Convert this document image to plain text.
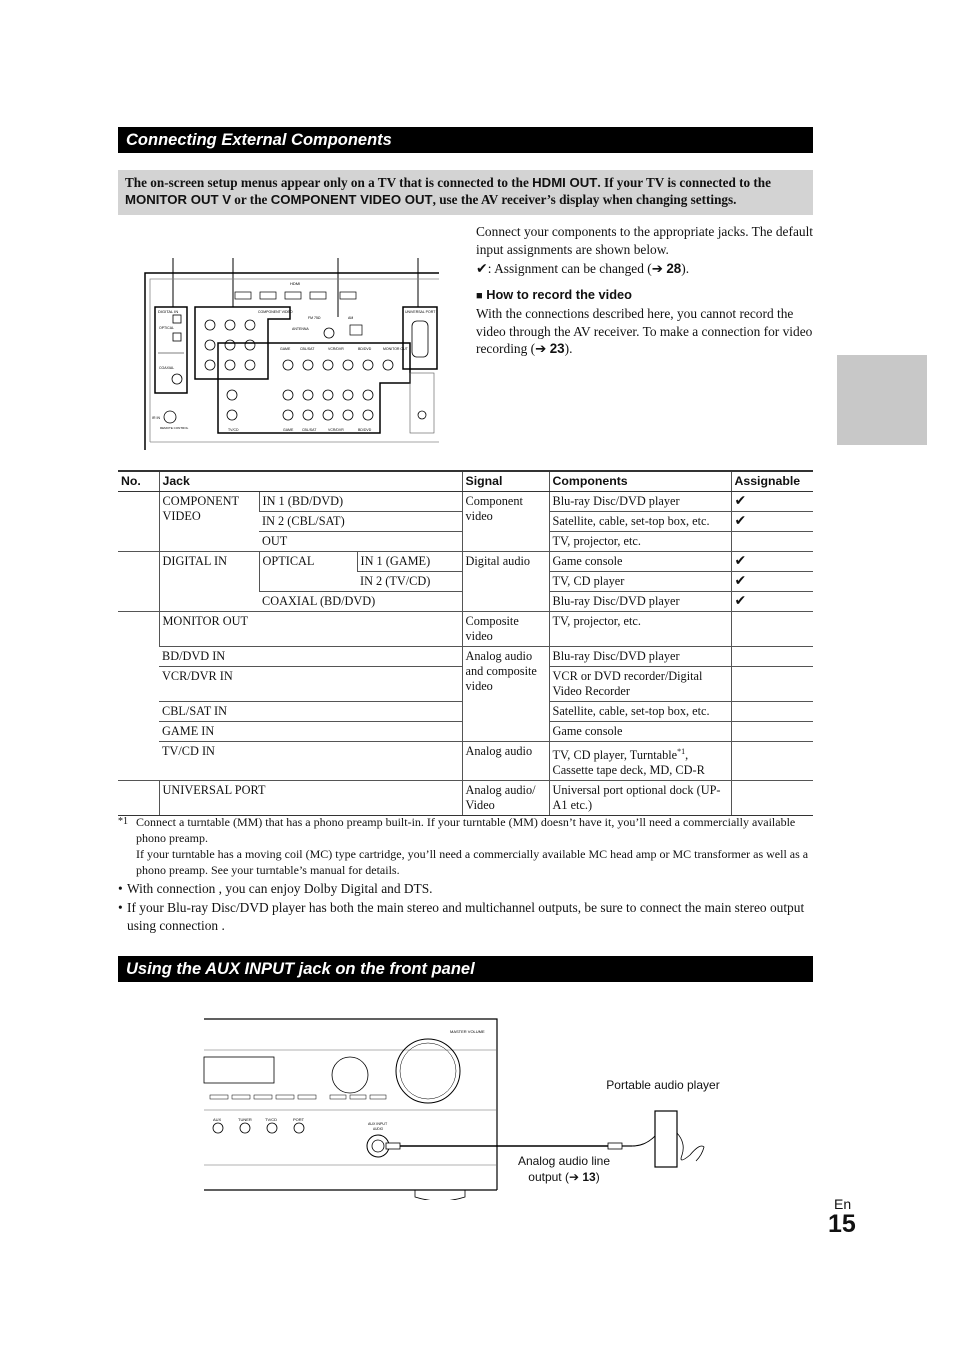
Connecting External Components
The on-screen setup menus appear only on a TV that is connected to the HDMI OUT. If your TV is connected to the MONITOR OUT V or the COMPONENT VIDEO OUT, use the AV receiver’s display when changing settings.
DIGITAL IN
OPTICAL
COAXIAL
COMPONENT VIDEO
HDMI
ANTENNA
FM 75Ω	AM
GAME	CBL/SAT	VCR/DVR	BD/DVD	MONITOR OUT
TV/CD	GAME CBL/SAT	VCR/DVR	BD/DVD
UNIVERSAL PORT
IR IN
REMOTE CONTROL

Connect your components to the appropriate jacks. The default input assignments are shown below.

✔: Assignment can be changed (➔ 28).

■ How to record the video

With the connections described here, you cannot record the video through the AV receiver. To make a connection for video recording (➔ 23).

No.	Jack			Signal	Components	Assignable
	COMPONENT VIDEO	IN 1 (BD/DVD)		Component video	Blu-ray Disc/DVD player	✔
		IN 2 (CBL/SAT)			Satellite, cable, set-top box, etc.	✔
		OUT			TV, projector, etc.	
	DIGITAL IN	OPTICAL	IN 1 (GAME)	Digital audio	Game console	✔
			IN 2 (TV/CD)		TV, CD player	✔
		COAXIAL (BD/DVD)			Blu-ray Disc/DVD player	✔
	MONITOR OUT			Composite video	TV, projector, etc.	
	BD/DVD IN			Analog audio and composite video	Blu-ray Disc/DVD player	
	VCR/DVR IN				VCR or DVD recorder/Digital Video Recorder	
	CBL/SAT IN				Satellite, cable, set-top box, etc.	
	GAME IN				Game console	
	TV/CD IN			Analog audio	TV, CD player, Turntable$^{*1}$, Cassette tape deck, MD, CD-R	
	UNIVERSAL PORT			Analog audio/ Video	Universal port optional dock (UP-A1 etc.)	
*1 Connect a turntable (MM) that has a phono preamp built-in. If your turntable (MM) doesn’t have it, you’ll need a commercially available phono preamp.
If your turntable has a moving coil (MC) type cartridge, you’ll need a commercially available MC head amp or MC transformer as well as a phono preamp. See your turntable’s manual for details.
• With connection , you can enjoy Dolby Digital and DTS.
• If your Blu-ray Disc/DVD player has both the main stereo and multichannel outputs, be sure to connect the main stereo output using connection .
Using the AUX INPUT jack on the front panel
MASTER VOLUME
AUX	TUNER	TV/CD	PORT
AUX INPUT
AUDIO
Portable audio player
Analog audio line output (➔ 13)
En
15
